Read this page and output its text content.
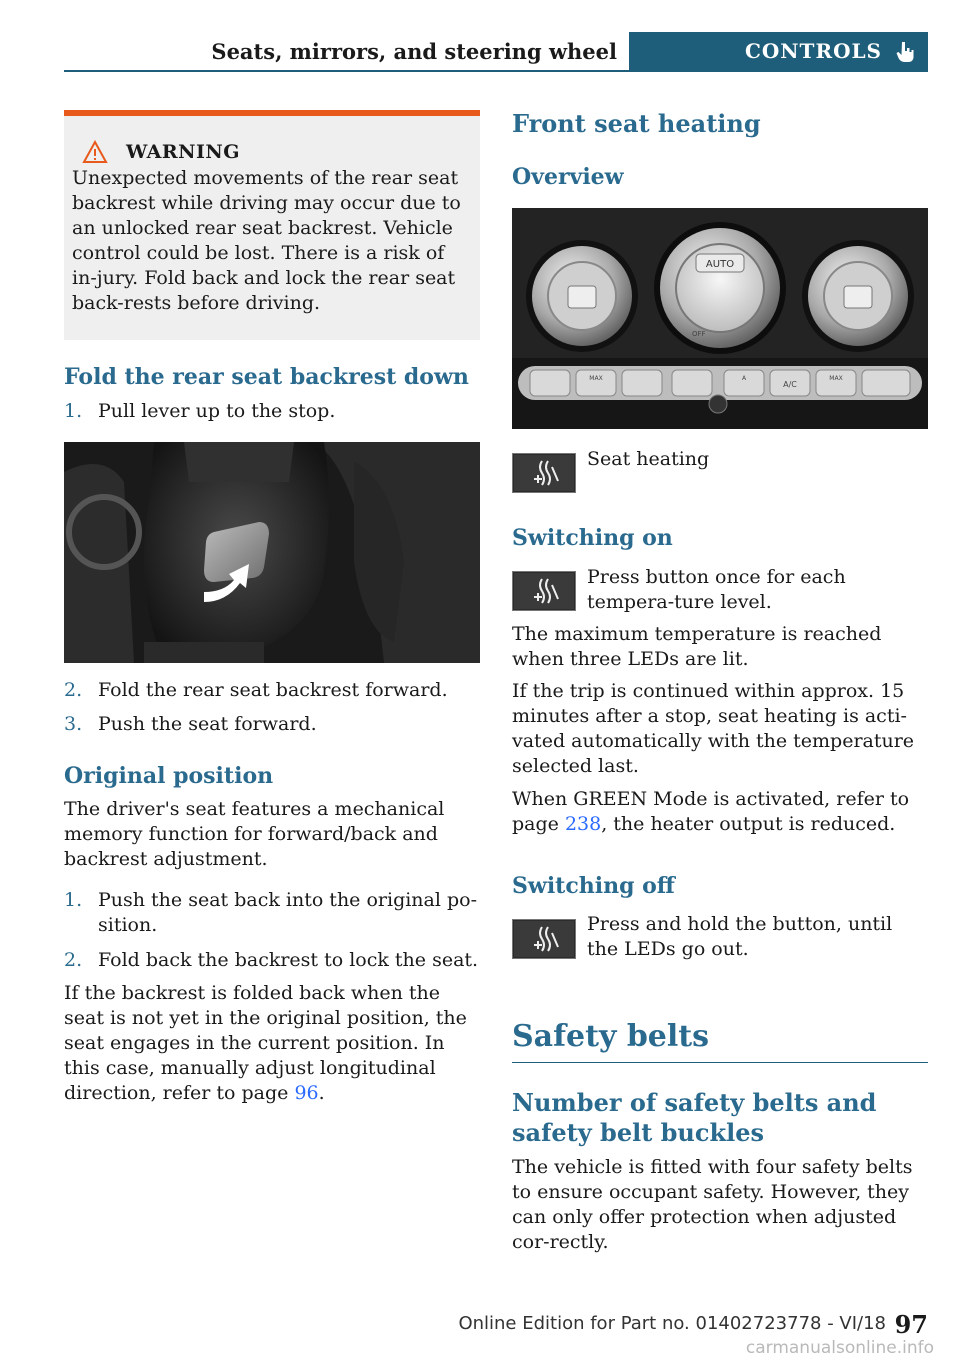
Seats, mirrors, and steering wheel	CONTROLS
WARNING

Unexpected movements of the rear seat backrest while driving may occur due to an unlocked rear seat backrest. Vehicle control could be lost. There is a risk of in-jury. Fold back and lock the rear seat back-rests before driving.

Fold the rear seat backrest down
1. Pull lever up to the stop.
2. Fold the rear seat backrest forward.
3. Push the seat forward.
Original position

The driver's seat features a mechanical memory function for forward/back and backrest adjustment.

1. Push the seat back into the original po-sition.
2. Fold back the backrest to lock the seat.

If the backrest is folded back when the seat is not yet in the original position, the seat engages in the current position. In this case, manually adjust longitudinal direction, refer to page 96.

Front seat heating
Overview
AUTO
OFF
MAX
A/C
A	MAX

Seat heating

Switching on

Press button once for each tempera-ture level.

The maximum temperature is reached when three LEDs are lit.

If the trip is continued within approx. 15 minutes after a stop, seat heating is acti-vated automatically with the temperature selected last.

When GREEN Mode is activated, refer to page 238, the heater output is reduced.

Switching off

Press and hold the button, until the LEDs go out.

Safety belts
Number of safety belts and safety belt buckles

The vehicle is fitted with four safety belts to ensure occupant safety. However, they can only offer protection when adjusted cor-rectly.

Online Edition for Part no. 01402723778 - VI/18 97
carmanualsonline.info
